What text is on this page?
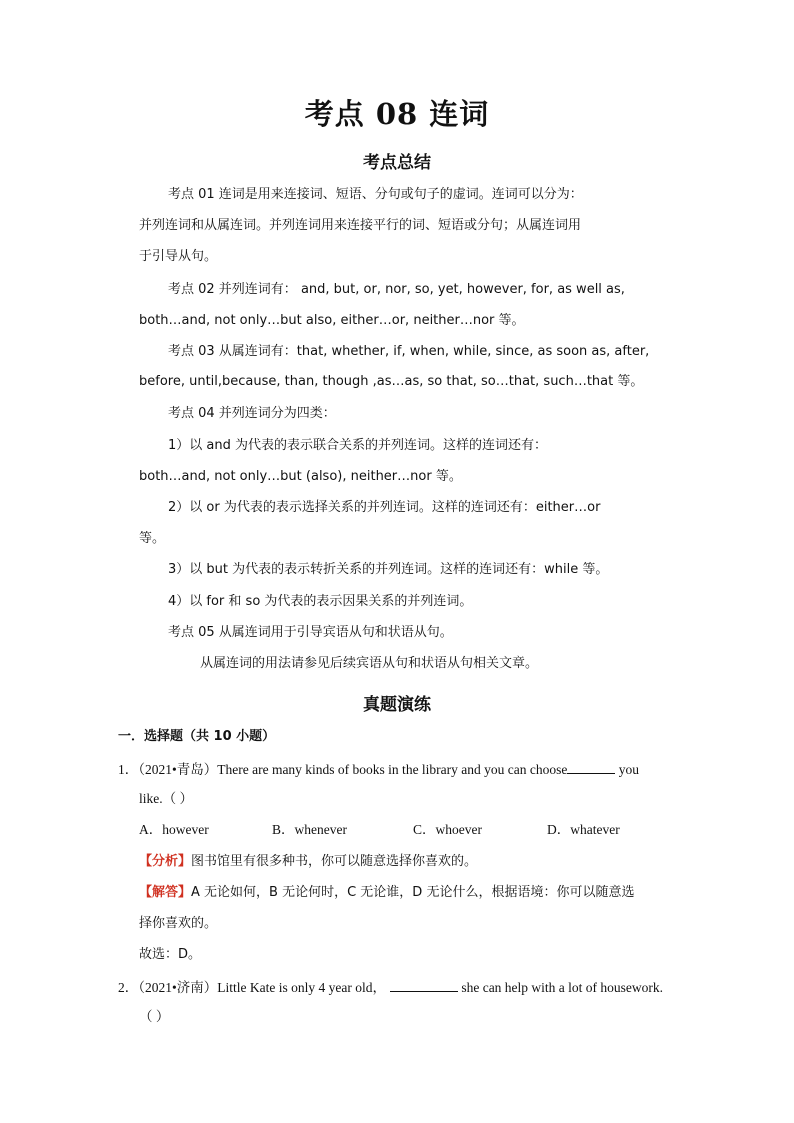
考点 08 连词
考点总结
考点 01 连词是用来连接词、短语、分句或句子的虚词。连词可以分为：
并列连词和从属连词。并列连词用来连接平行的词、短语或分句；从属连词用
于引导从句。
考点 02 并列连词有： and, but, or, nor, so, yet, however, for, as well as,
both…and, not only…but also, either…or, neither…nor 等。
考点 03 从属连词有：that, whether, if, when, while, since, as soon as, after,
before, until,because, than, though ,as…as, so that, so…that, such…that 等。
考点 04 并列连词分为四类：
1）以 and 为代表的表示联合关系的并列连词。这样的连词还有：
both…and, not only…but (also), neither…nor 等。
2）以 or 为代表的表示选择关系的并列连词。这样的连词还有：either…or
等。
3）以 but 为代表的表示转折关系的并列连词。这样的连词还有：while 等。
4）以 for 和 so 为代表的表示因果关系的并列连词。
考点 05 从属连词用于引导宾语从句和状语从句。
从属连词的用法请参见后续宾语从句和状语从句相关文章。
真题演练
一．选择题（共 10 小题）
1．（2021•青岛）There are many kinds of books in the library and you can choose	you
like.（ ）
A．however	B．whenever	C．whoever	D．whatever
【分析】图书馆里有很多种书，你可以随意选择你喜欢的。
【解答】A 无论如何，B 无论何时，C 无论谁，D 无论什么，根据语境：你可以随意选
择你喜欢的。
故选：D。
2．（2021•济南）Little Kate is only 4 year old，	she can help with a lot of housework.
（ ）
